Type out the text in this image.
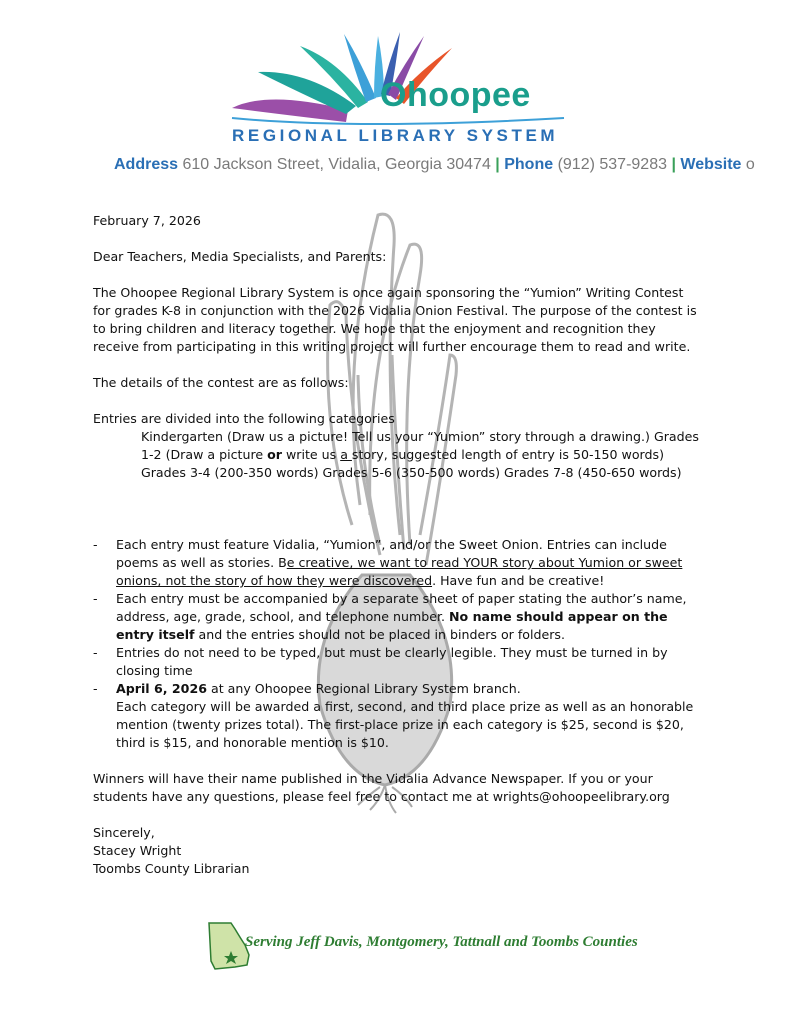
Ohoopee
REGIONAL LIBRARY SYSTEM
Address 610 Jackson Street, Vidalia, Georgia 30474 | Phone (912) 537-9283 | Website o
February 7, 2026
Dear Teachers, Media Specialists, and Parents:
The Ohoopee Regional Library System is once again sponsoring the “Yumion” Writing Contest for grades K-8 in conjunction with the 2026 Vidalia Onion Festival. The purpose of the contest is to bring children and literacy together. We hope that the enjoyment and recognition they receive from participating in this writing project will further encourage them to read and write.
The details of the contest are as follows:
Entries are divided into the following categories
Kindergarten (Draw us a picture! Tell us your “Yumion” story through a drawing.) Grades 1-2 (Draw a picture or write us a story, suggested length of entry is 50-150 words) Grades 3-4 (200-350 words) Grades 5-6 (350-500 words) Grades 7-8 (450-650 words)
- Each entry must feature Vidalia, “Yumion”, and/or the Sweet Onion. Entries can include poems as well as stories. Be creative, we want to read YOUR story about Yumion or sweet onions, not the story of how they were discovered. Have fun and be creative!
- Each entry must be accompanied by a separate sheet of paper stating the author’s name, address, age, grade, school, and telephone number. No name should appear on the entry itself and the entries should not be placed in binders or folders.
- Entries do not need to be typed, but must be clearly legible. They must be turned in by closing time
- April 6, 2026 at any Ohoopee Regional Library System branch.
Each category will be awarded a first, second, and third place prize as well as an honorable mention (twenty prizes total). The first-place prize in each category is $25, second is $20, third is $15, and honorable mention is $10.
Winners will have their name published in the Vidalia Advance Newspaper. If you or your students have any questions, please feel free to contact me at wrights@ohoopeelibrary.org
Sincerely,
Stacey Wright
Toombs County Librarian
Serving Jeff Davis, Montgomery, Tattnall and Toombs Counties
